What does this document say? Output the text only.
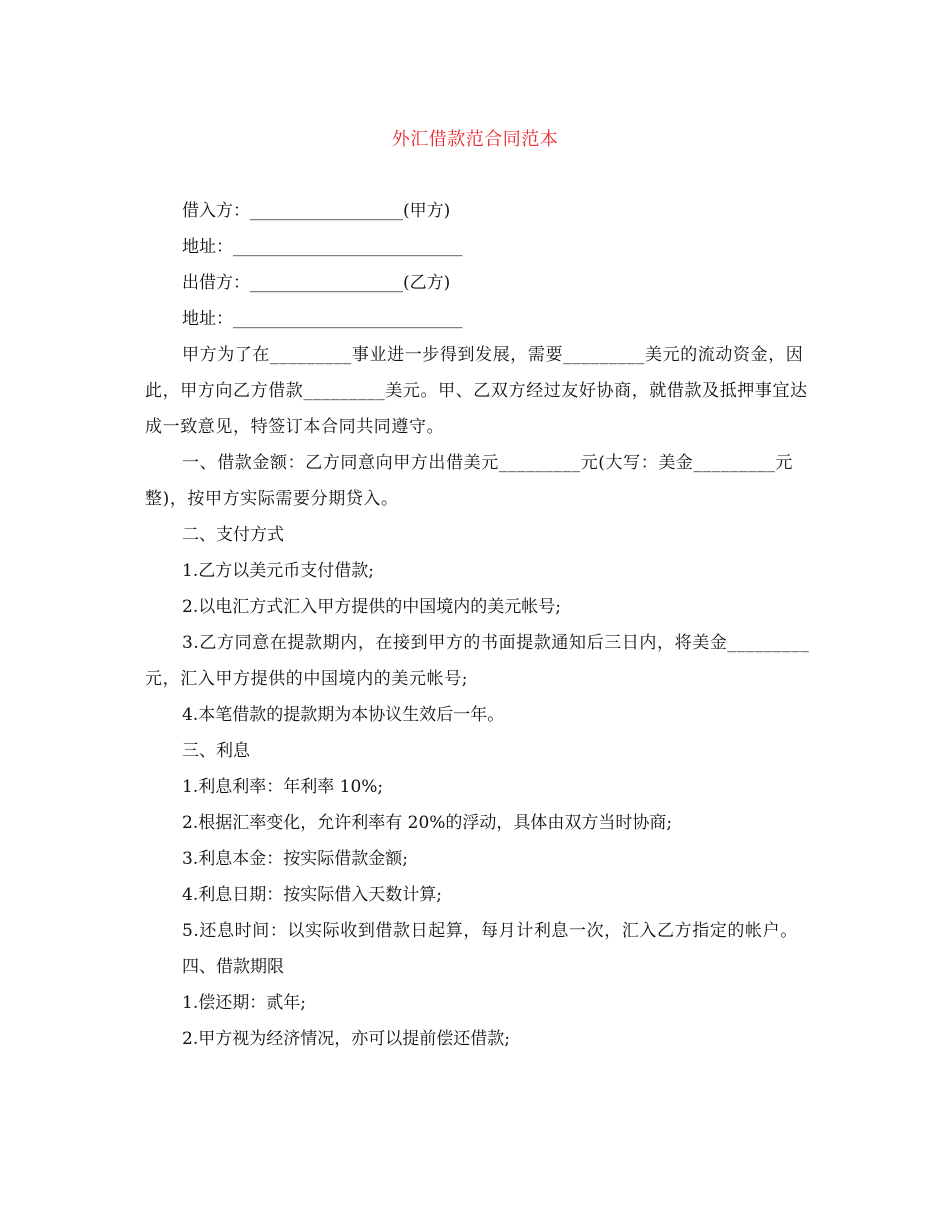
外汇借款范合同范本

借入方：__________________(甲方)

地址：___________________________

出借方：__________________(乙方)

地址：___________________________

甲方为了在_________事业进一步得到发展，需要_________美元的流动资金，因此，甲方向乙方借款_________美元。甲、乙双方经过友好协商，就借款及抵押事宜达成一致意见，特签订本合同共同遵守。

一、借款金额：乙方同意向甲方出借美元_________元(大写：美金_________元整)，按甲方实际需要分期贷入。

二、支付方式

1.乙方以美元币支付借款;

2.以电汇方式汇入甲方提供的中国境内的美元帐号;

3.乙方同意在提款期内，在接到甲方的书面提款通知后三日内，将美金_________元，汇入甲方提供的中国境内的美元帐号;

4.本笔借款的提款期为本协议生效后一年。

三、利息

1.利息利率：年利率 10%;

2.根据汇率变化，允许利率有 20%的浮动，具体由双方当时协商;

3.利息本金：按实际借款金额;

4.利息日期：按实际借入天数计算;

5.还息时间：以实际收到借款日起算，每月计利息一次，汇入乙方指定的帐户。

四、借款期限

1.偿还期：贰年;

2.甲方视为经济情况，亦可以提前偿还借款;
